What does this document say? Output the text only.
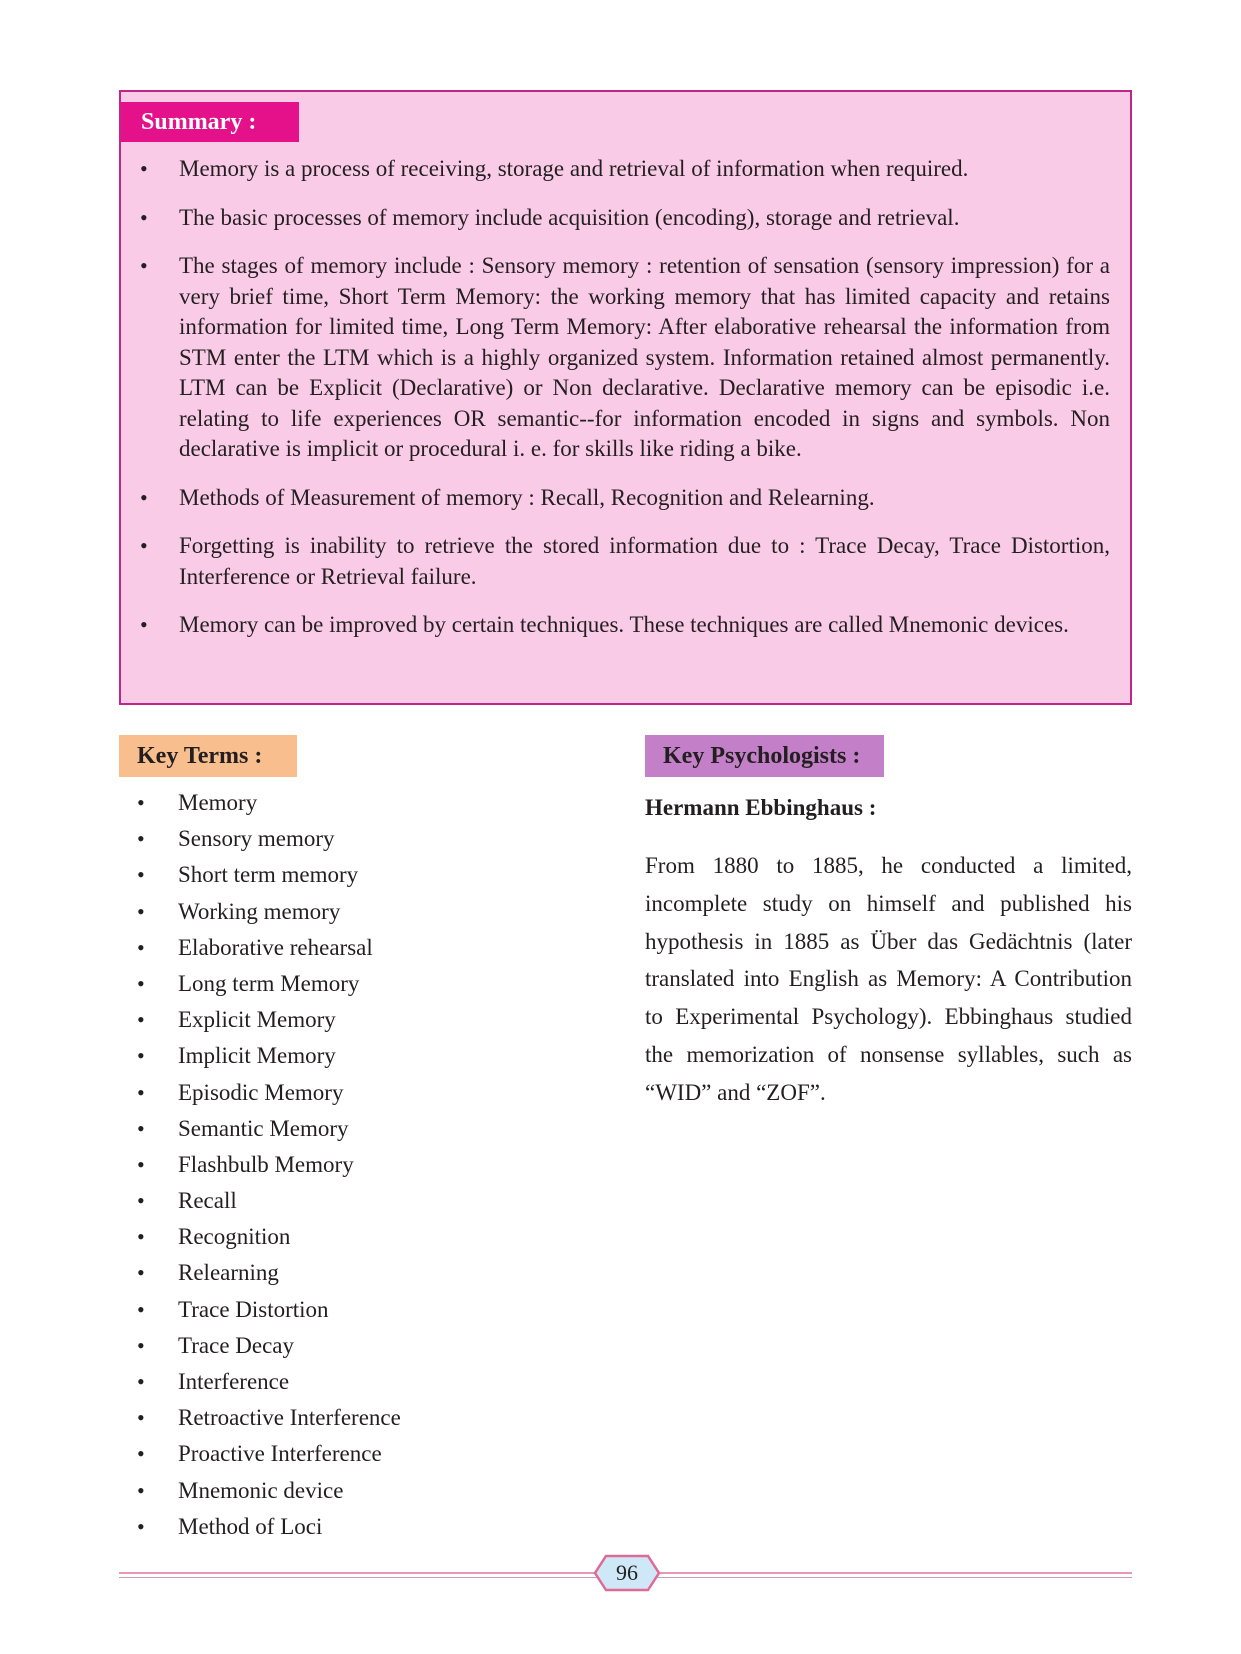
Summary :
• Memory is a process of receiving, storage and retrieval of information when required.
• The basic processes of memory include acquisition (encoding), storage and retrieval.
• The stages of memory include : Sensory memory : retention of sensation (sensory impression) for a very brief time, Short Term Memory: the working memory that has limited capacity and retains information for limited time, Long Term Memory: After elaborative rehearsal the information from STM enter the LTM which is a highly organized system. Information retained almost permanently. LTM can be Explicit (Declarative) or Non declarative. Declarative memory can be episodic i.e. relating to life experiences OR semantic--for information encoded in signs and symbols. Non declarative is implicit or procedural i. e. for skills like riding a bike.
• Methods of Measurement of memory : Recall, Recognition and Relearning.
• Forgetting is inability to retrieve the stored information due to : Trace Decay, Trace Distortion, Interference or Retrieval failure.
• Memory can be improved by certain techniques. These techniques are called Mnemonic devices.
Key Terms :
• Memory
• Sensory memory
• Short term memory
• Working memory
• Elaborative rehearsal
• Long term Memory
• Explicit Memory
• Implicit Memory
• Episodic Memory
• Semantic Memory
• Flashbulb Memory
• Recall
• Recognition
• Relearning
• Trace Distortion
• Trace Decay
• Interference
• Retroactive Interference
• Proactive Interference
• Mnemonic device
• Method of Loci
Key Psychologists :
Hermann Ebbinghaus :

From 1880 to 1885, he conducted a limited, incomplete study on himself and published his hypothesis in 1885 as Über das Gedächtnis (later translated into English as Memory: A Contribution to Experimental Psychology). Ebbinghaus studied the memorization of nonsense syllables, such as “WID” and “ZOF”.

96
